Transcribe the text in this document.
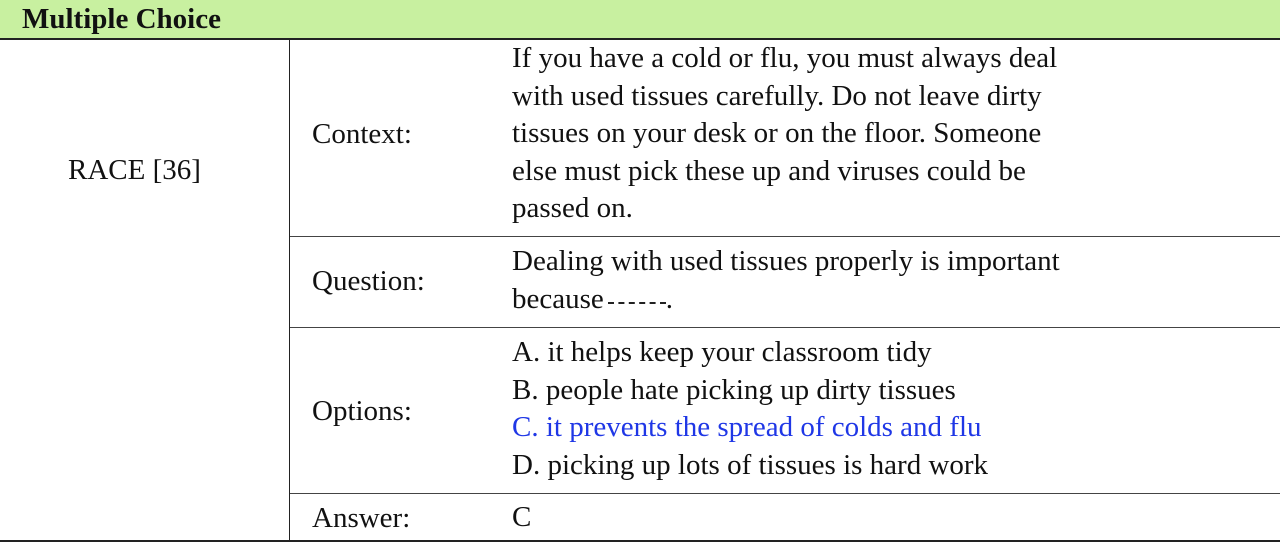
Multiple Choice
RACE [36]
Context:
If you have a cold or flu, you must always deal
with used tissues carefully. Do not leave dirty
tissues on your desk or on the floor. Someone
else must pick these up and viruses could be
passed on.
Question:
Dealing with used tissues properly is important
because .
Options:
A. it helps keep your classroom tidy
B. people hate picking up dirty tissues
C. it prevents the spread of colds and flu
D. picking up lots of tissues is hard work
Answer:	C
